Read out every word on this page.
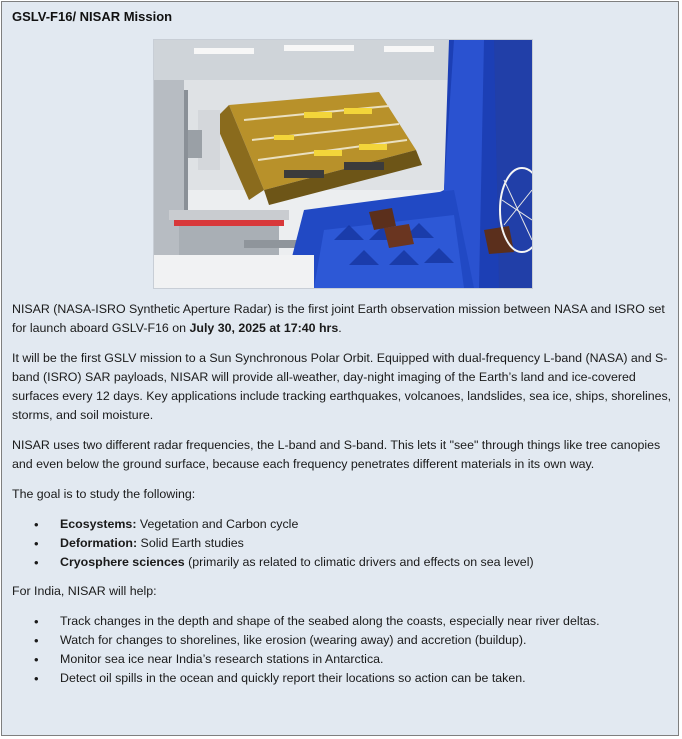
GSLV-F16/ NISAR Mission

NISAR (NASA-ISRO Synthetic Aperture Radar) is the first joint Earth observation mission between NASA and ISRO set for launch aboard GSLV-F16 on July 30, 2025 at 17:40 hrs.

It will be the first GSLV mission to a Sun Synchronous Polar Orbit. Equipped with dual-frequency L-band (NASA) and S-band (ISRO) SAR payloads, NISAR will provide all-weather, day-night imaging of the Earth’s land and ice-covered surfaces every 12 days. Key applications include tracking earthquakes, volcanoes, landslides, sea ice, ships, shorelines, storms, and soil moisture.

NISAR uses two different radar frequencies, the L-band and S-band. This lets it "see" through things like tree canopies and even below the ground surface, because each frequency penetrates different materials in its own way.

The goal is to study the following:

• Ecosystems: Vegetation and Carbon cycle
• Deformation: Solid Earth studies
• Cryosphere sciences (primarily as related to climatic drivers and effects on sea level)

For India, NISAR will help:

• Track changes in the depth and shape of the seabed along the coasts, especially near river deltas.
• Watch for changes to shorelines, like erosion (wearing away) and accretion (buildup).
• Monitor sea ice near India’s research stations in Antarctica.
• Detect oil spills in the ocean and quickly report their locations so action can be taken.
